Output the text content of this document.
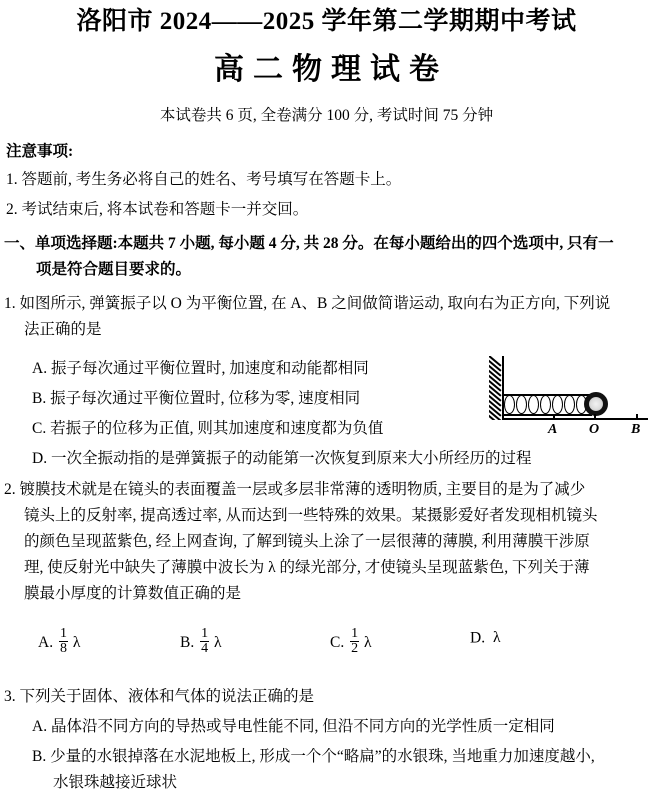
洛阳市 2024——2025 学年第二学期期中考试
高二物理试卷
本试卷共 6 页, 全卷满分 100 分, 考试时间 75 分钟
注意事项:
1. 答题前, 考生务必将自己的姓名、考号填写在答题卡上。
2. 考试结束后, 将本试卷和答题卡一并交回。
一、单项选择题:本题共 7 小题, 每小题 4 分, 共 28 分。在每小题给出的四个选项中, 只有一
项是符合题目要求的。
1. 如图所示, 弹簧振子以 O 为平衡位置, 在 A、B 之间做简谐运动, 取向右为正方向, 下列说
法正确的是
A. 振子每次通过平衡位置时, 加速度和动能都相同
B. 振子每次通过平衡位置时, 位移为零, 速度相同
C. 若振子的位移为正值, 则其加速度和速度都为负值
D. 一次全振动指的是弹簧振子的动能第一次恢复到原来大小所经历的过程
A O B
2. 镀膜技术就是在镜头的表面覆盖一层或多层非常薄的透明物质, 主要目的是为了减少
镜头上的反射率, 提高透过率, 从而达到一些特殊的效果。某摄影爱好者发现相机镜头
的颜色呈现蓝紫色, 经上网查询, 了解到镜头上涂了一层很薄的薄膜, 利用薄膜干涉原
理, 使反射光中缺失了薄膜中波长为 λ 的绿光部分, 才使镜头呈现蓝紫色, 下列关于薄
膜最小厚度的计算数值正确的是
A. $\frac{1}{8}$ λ	B. $\frac{1}{4}$ λ	C. $\frac{1}{2}$ λ	D. λ
3. 下列关于固体、液体和气体的说法正确的是
A. 晶体沿不同方向的导热或导电性能不同, 但沿不同方向的光学性质一定相同
B. 少量的水银掉落在水泥地板上, 形成一个个“略扁”的水银珠, 当地重力加速度越小,
水银珠越接近球状
